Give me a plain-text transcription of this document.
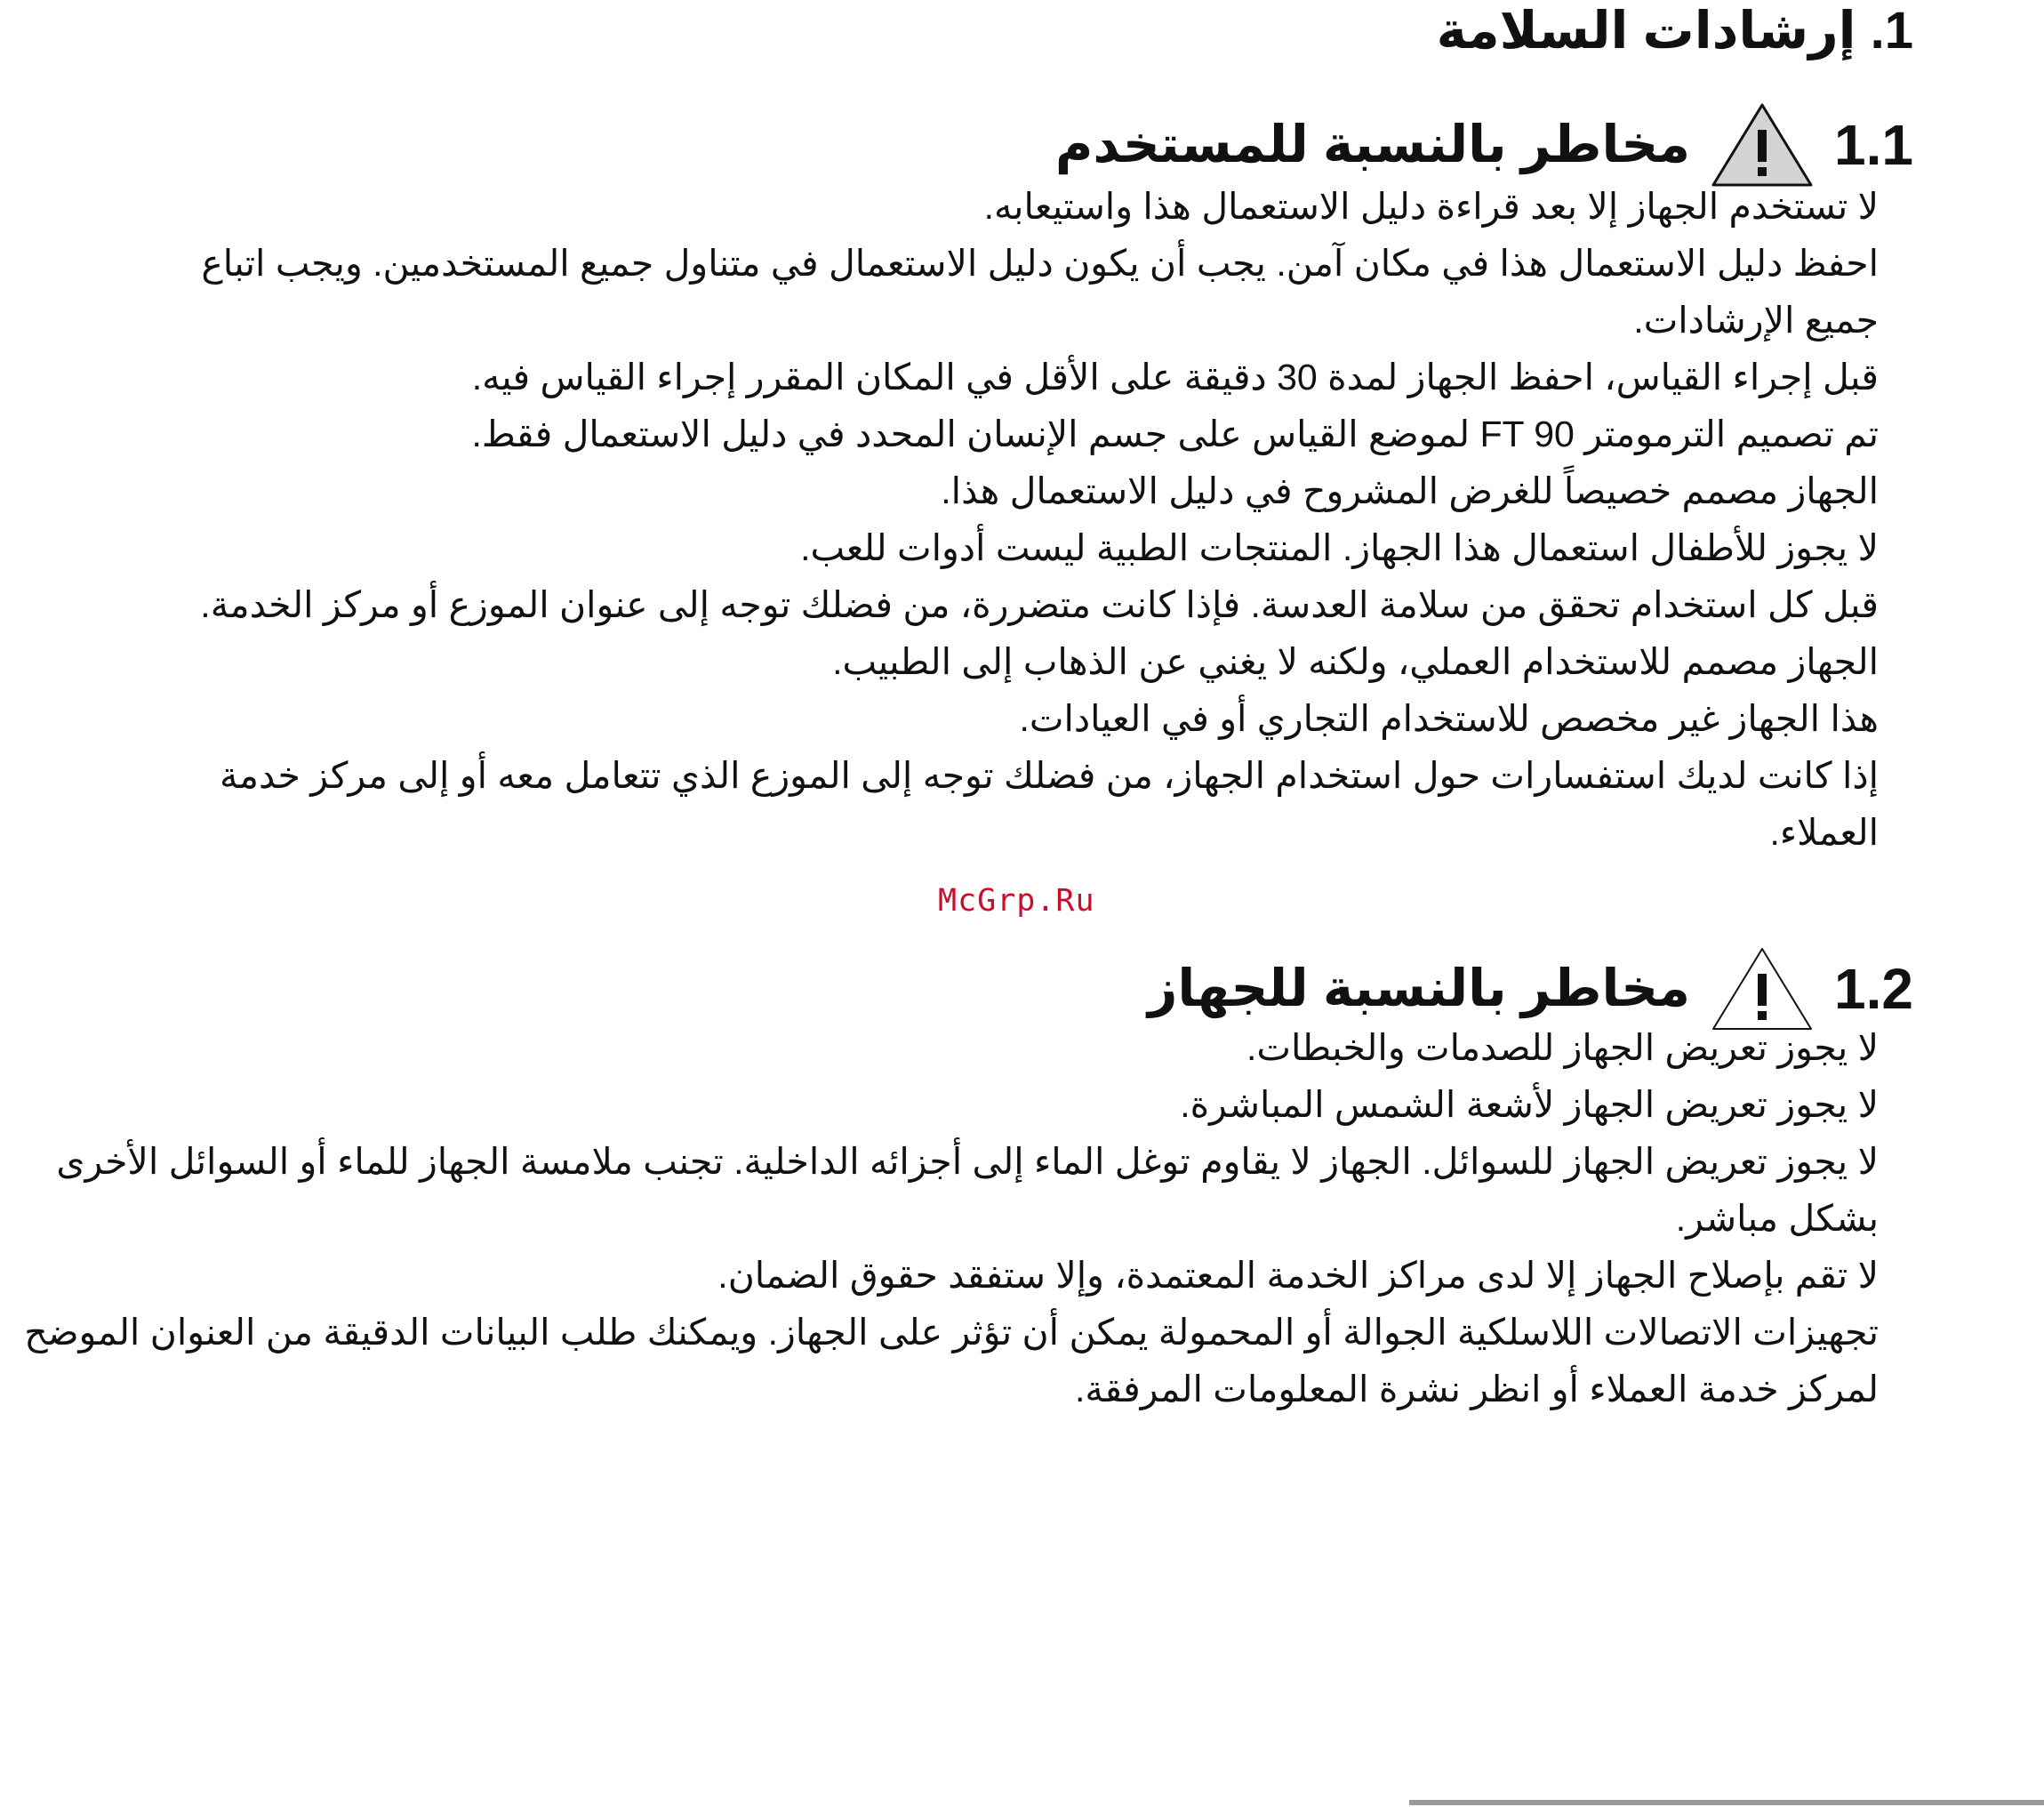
1. إرشادات السلامة
1.1
مخاطر بالنسبة للمستخدم

لا تستخدم الجهاز إلا بعد قراءة دليل الاستعمال هذا واستيعابه.

احفظ دليل الاستعمال هذا في مكان آمن. يجب أن يكون دليل الاستعمال في متناول جميع المستخدمين. ويجب اتباع جميع الإرشادات.

قبل إجراء القياس، احفظ الجهاز لمدة 30 دقيقة على الأقل في المكان المقرر إجراء القياس فيه.

تم تصميم الترمومتر FT 90 لموضع القياس على جسم الإنسان المحدد في دليل الاستعمال فقط.

الجهاز مصمم خصيصاً للغرض المشروح في دليل الاستعمال هذا.

لا يجوز للأطفال استعمال هذا الجهاز. المنتجات الطبية ليست أدوات للعب.

قبل كل استخدام تحقق من سلامة العدسة. فإذا كانت متضررة، من فضلك توجه إلى عنوان الموزع أو مركز الخدمة.

الجهاز مصمم للاستخدام العملي، ولكنه لا يغني عن الذهاب إلى الطبيب.

هذا الجهاز غير مخصص للاستخدام التجاري أو في العيادات.

إذا كانت لديك استفسارات حول استخدام الجهاز، من فضلك توجه إلى الموزع الذي تتعامل معه أو إلى مركز خدمة العملاء.

McGrp.Ru
1.2
مخاطر بالنسبة للجهاز

لا يجوز تعريض الجهاز للصدمات والخبطات.

لا يجوز تعريض الجهاز لأشعة الشمس المباشرة.

لا يجوز تعريض الجهاز للسوائل. الجهاز لا يقاوم توغل الماء إلى أجزائه الداخلية. تجنب ملامسة الجهاز للماء أو السوائل الأخرى بشكل مباشر.

لا تقم بإصلاح الجهاز إلا لدى مراكز الخدمة المعتمدة، وإلا ستفقد حقوق الضمان.

تجهيزات الاتصالات اللاسلكية الجوالة أو المحمولة يمكن أن تؤثر على الجهاز. ويمكنك طلب البيانات الدقيقة من العنوان الموضح لمركز خدمة العملاء أو انظر نشرة المعلومات المرفقة.
